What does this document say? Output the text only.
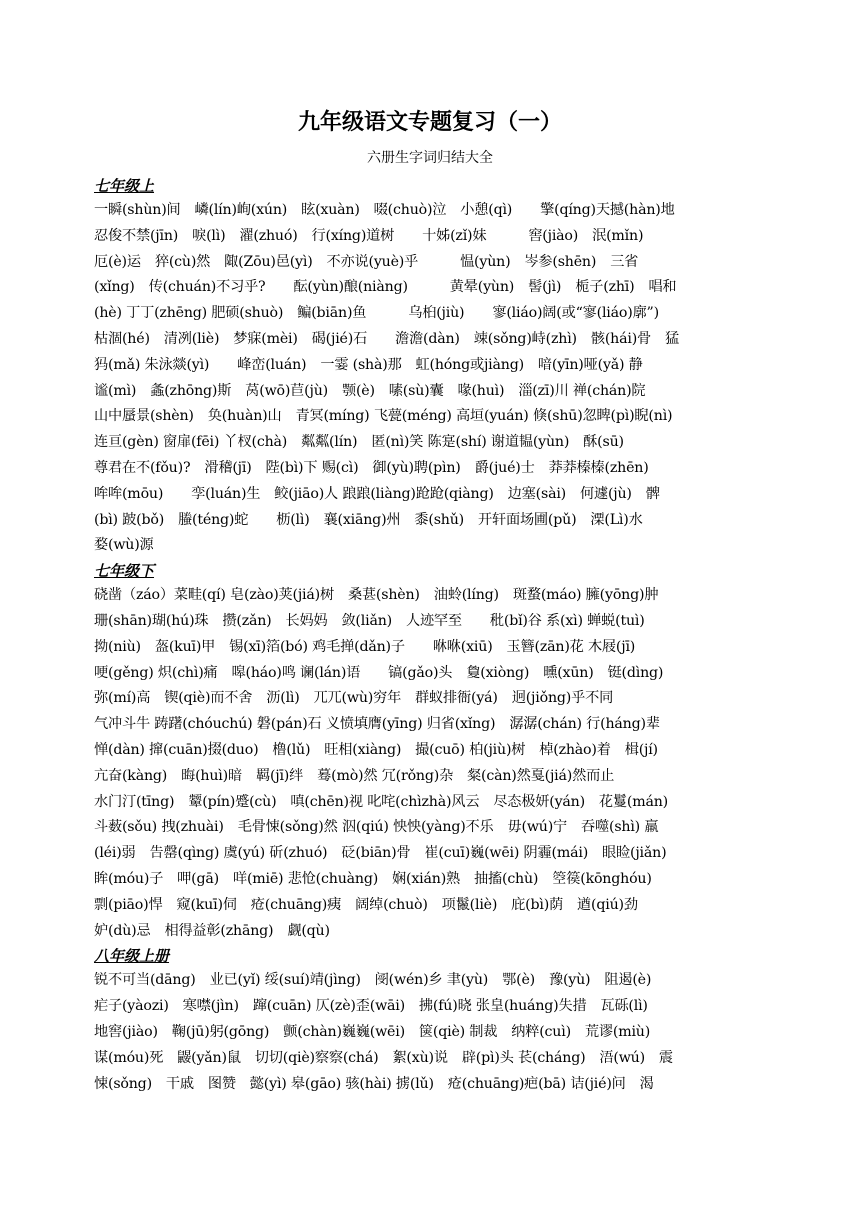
九年级语文专题复习（一）
六册生字词归结大全
七年级上
一瞬(shùn)间　嶙(lín)峋(xún)　眩(xuàn)　啜(chuò)泣　小憩(qì)　　擎(qíng)天撼(hàn)地
忍俊不禁(jīn)　唳(lì)　濯(zhuó)　行(xíng)道树　　十姊(zǐ)妹　　　窖(jiào)　泯(mǐn)
厄(è)运　猝(cù)然　陬(Zōu)邑(yì)　不亦说(yuè)乎　　　愠(yùn)　岑参(shēn)　三省
(xǐng)　传(chuán)不习乎?　　酝(yùn)酿(niàng)　　　黄晕(yùn)　髻(jì)　栀子(zhī)　唱和
(hè) 丁丁(zhēng) 肥硕(shuò)　鳊(biān)鱼　　　乌桕(jiù)　　寥(liáo)阔(或“寥(liáo)廓”)
枯涸(hé)　清冽(liè)　梦寐(mèi)　碣(jié)石　　澹澹(dàn)　竦(sǒng)峙(zhì)　骸(hái)骨　猛
犸(mǎ) 朱泳燚(yì)　　峰峦(luán)　一霎 (shà)那　虹(hóng或jiàng)　喑(yīn)哑(yǎ) 静
谧(mì)　螽(zhōng)斯　莴(wō)苣(jù)　颚(è)　嗉(sù)囊　喙(huì)　淄(zī)川 禅(chán)院
山中蜃景(shèn)　奂(huàn)山　青冥(míng) 飞甍(méng) 高垣(yuán) 倏(shū)忽睥(pì)睨(nì)
连亘(gèn) 窗扉(fēi) 丫杈(chà)　粼粼(lín)　匿(nì)笑 陈寔(shí) 谢道韫(yùn)　酥(sū)
尊君在不(fǒu)?　滑稽(jī)　陛(bì)下 赐(cì)　御(yù)聘(pìn)　爵(jué)士　莽莽榛榛(zhēn)
哞哞(mōu)　　孪(luán)生　鲛(jiāo)人 踉踉(liàng)跄跄(qiàng)　边塞(sài)　何遽(jù)　髀
(bì) 跛(bǒ)　螣(téng)蛇　　枥(lì)　襄(xiāng)州　黍(shǔ)　开轩面场圃(pǔ)　溧(Lì)水
婺(wù)源
七年级下
硗凿（záo）菜畦(qí) 皂(zào)荚(jiá)树　桑葚(shèn)　油蛉(líng)　斑蝥(máo) 臃(yōng)肿
珊(shān)瑚(hú)珠　攒(zǎn)　长妈妈　敛(liǎn)　人迹罕至　　秕(bǐ)谷 系(xì) 蝉蜕(tuì)
拗(niù)　盔(kuī)甲　锡(xī)箔(bó) 鸡毛掸(dǎn)子　　咻咻(xiū)　玉簪(zān)花 木屐(jī)
哽(gěng) 炽(chì)痛　嗥(háo)鸣 谰(lán)语　　镐(gǎo)头　敻(xiòng)　曛(xūn)　铤(dìng)
弥(mí)高　锲(qiè)而不舍　沥(lì)　兀兀(wù)穷年　群蚁排衙(yá)　迥(jiǒng)乎不同
气冲斗牛 踌躇(chóuchú) 磐(pán)石 义愤填膺(yīng) 归省(xǐng)　潺潺(chán) 行(háng)辈
惮(dàn) 撺(cuān)掇(duo)　橹(lǔ)　旺相(xiàng)　撮(cuō) 柏(jiù)树　棹(zhào)着　楫(jí)
亢奋(kàng)　晦(huì)暗　羁(jī)绊　蓦(mò)然 冗(rǒng)杂　粲(càn)然戛(jiá)然而止
水门汀(tīng)　颦(pín)蹙(cù)　嗔(chēn)视 叱咤(chìzhà)风云　尽态极妍(yán)　花鬘(mán)
斗薮(sǒu) 拽(zhuài)　毛骨悚(sǒng)然 泅(qiú) 怏怏(yàng)不乐　毋(wú)宁　吞噬(shì) 羸
(léi)弱　告罄(qìng) 虞(yú) 斫(zhuó)　砭(biān)骨　崔(cuī)巍(wēi) 阴霾(mái)　眼睑(jiǎn)
眸(móu)子　呷(gā)　咩(miē) 悲怆(chuàng)　娴(xián)熟　抽搐(chù)　箜篌(kōnghóu)
剽(piāo)悍　窥(kuī)伺　疮(chuāng)痍　阔绰(chuò)　项鬣(liè)　庇(bì)荫　遒(qiú)劲
妒(dù)忌　相得益彰(zhāng)　觑(qù)
八年级上册
锐不可当(dāng)　业已(yǐ) 绥(suí)靖(jìng)　阌(wén)乡 聿(yù)　鄂(è)　豫(yù)　阻遏(è)
疟子(yàozi)　寒噤(jìn)　蹿(cuān) 仄(zè)歪(wāi)　拂(fú)晓 张皇(huáng)失措　瓦砾(lì)
地窖(jiào)　鞠(jū)躬(gōng)　颤(chàn)巍巍(wēi)　箧(qiè) 制裁　纳粹(cuì)　荒谬(miù)
谋(móu)死　鼹(yǎn)鼠　切切(qiè)察察(chá)　絮(xù)说　辟(pì)头 苌(cháng)　浯(wú)　震
悚(sǒng)　干戚　图赞　懿(yì) 皋(gāo) 骇(hài) 掳(lǔ)　疮(chuāng)疤(bā) 诘(jié)问　渴
